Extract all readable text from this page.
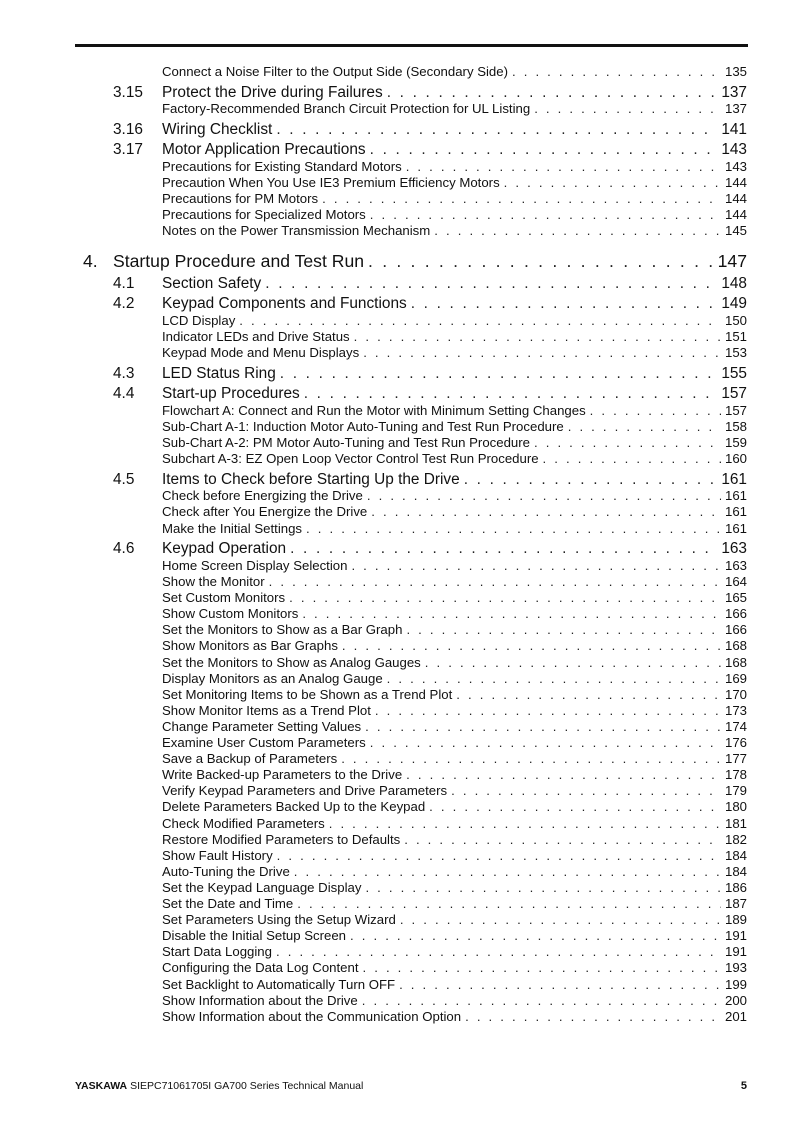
Connect a Noise Filter to the Output Side (Secondary Side) . . .	135
3.15 Protect the Drive during Failures . . .	137
Factory-Recommended Branch Circuit Protection for UL Listing . . .	137
3.16 Wiring Checklist . . .	141
3.17 Motor Application Precautions . . .	143
Precautions for Existing Standard Motors . . .	143
Precaution When You Use IE3 Premium Efficiency Motors . . .	144
Precautions for PM Motors . . .	144
Precautions for Specialized Motors . . .	144
Notes on the Power Transmission Mechanism . . .	145
4. Startup Procedure and Test Run . . .	147
4.1 Section Safety . . .	148
4.2 Keypad Components and Functions . . .	149
LCD Display . . .	150
Indicator LEDs and Drive Status . . .	151
Keypad Mode and Menu Displays . . .	153
4.3 LED Status Ring . . .	155
4.4 Start-up Procedures . . .	157
Flowchart A: Connect and Run the Motor with Minimum Setting Changes . . .	157
Sub-Chart A-1: Induction Motor Auto-Tuning and Test Run Procedure . . .	158
Sub-Chart A-2: PM Motor Auto-Tuning and Test Run Procedure . . .	159
Subchart A-3: EZ Open Loop Vector Control Test Run Procedure . . .	160
4.5 Items to Check before Starting Up the Drive . . .	161
Check before Energizing the Drive . . .	161
Check after You Energize the Drive . . .	161
Make the Initial Settings . . .	161
4.6 Keypad Operation . . .	163
Home Screen Display Selection . . .	163
Show the Monitor . . .	164
Set Custom Monitors . . .	165
Show Custom Monitors . . .	166
Set the Monitors to Show as a Bar Graph . . .	166
Show Monitors as Bar Graphs . . .	168
Set the Monitors to Show as Analog Gauges . . .	168
Display Monitors as an Analog Gauge . . .	169
Set Monitoring Items to be Shown as a Trend Plot . . .	170
Show Monitor Items as a Trend Plot . . .	173
Change Parameter Setting Values . . .	174
Examine User Custom Parameters . . .	176
Save a Backup of Parameters . . .	177
Write Backed-up Parameters to the Drive . . .	178
Verify Keypad Parameters and Drive Parameters . . .	179
Delete Parameters Backed Up to the Keypad . . .	180
Check Modified Parameters . . .	181
Restore Modified Parameters to Defaults . . .	182
Show Fault History . . .	184
Auto-Tuning the Drive . . .	184
Set the Keypad Language Display . . .	186
Set the Date and Time . . .	187
Set Parameters Using the Setup Wizard . . .	189
Disable the Initial Setup Screen . . .	191
Start Data Logging . . .	191
Configuring the Data Log Content . . .	193
Set Backlight to Automatically Turn OFF . . .	199
Show Information about the Drive . . .	200
Show Information about the Communication Option . . .	201
YASKAWA SIEPC71061705I GA700 Series Technical Manual	5
